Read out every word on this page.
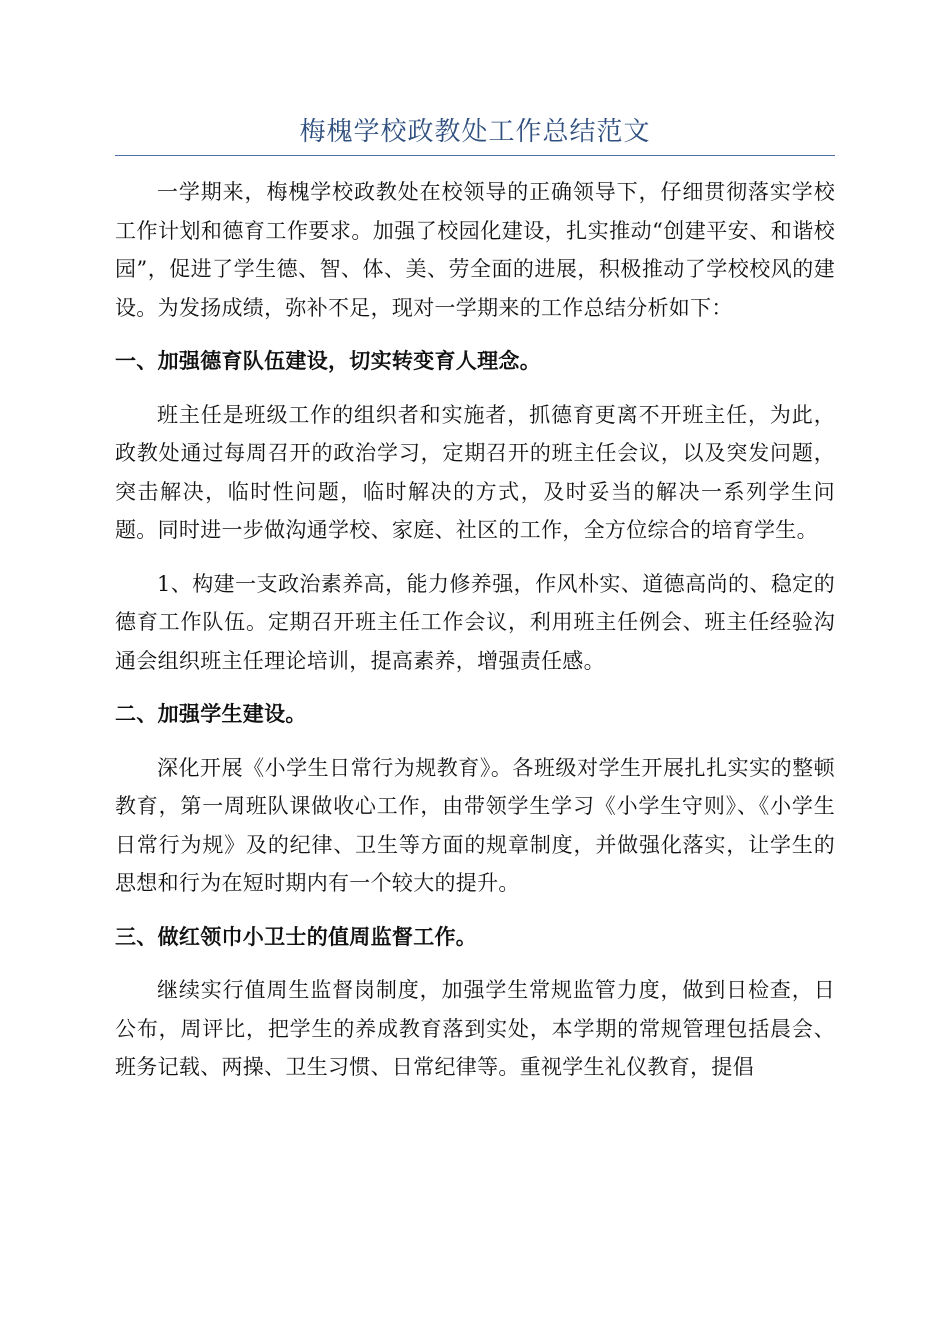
梅槐学校政教处工作总结范文

一学期来，梅槐学校政教处在校领导的正确领导下，仔细贯彻落实学校工作计划和德育工作要求。加强了校园化建设，扎实推动“创建平安、和谐校园”，促进了学生德、智、体、美、劳全面的进展，积极推动了学校校风的建设。为发扬成绩，弥补不足，现对一学期来的工作总结分析如下：

一、加强德育队伍建设，切实转变育人理念。

班主任是班级工作的组织者和实施者，抓德育更离不开班主任，为此，政教处通过每周召开的政治学习，定期召开的班主任会议，以及突发问题，突击解决，临时性问题，临时解决的方式，及时妥当的解决一系列学生问题。同时进一步做沟通学校、家庭、社区的工作，全方位综合的培育学生。

1、构建一支政治素养高，能力修养强，作风朴实、道德高尚的、稳定的德育工作队伍。定期召开班主任工作会议，利用班主任例会、班主任经验沟通会组织班主任理论培训，提高素养，增强责任感。

二、加强学生建设。

深化开展《小学生日常行为规教育》。各班级对学生开展扎扎实实的整顿教育，第一周班队课做收心工作，由带领学生学习《小学生守则》、《小学生日常行为规》及的纪律、卫生等方面的规章制度，并做强化落实，让学生的思想和行为在短时期内有一个较大的提升。

三、做红领巾小卫士的值周监督工作。

继续实行值周生监督岗制度，加强学生常规监管力度，做到日检查，日公布，周评比，把学生的养成教育落到实处，本学期的常规管理包括晨会、班务记载、两操、卫生习惯、日常纪律等。重视学生礼仪教育，提倡
